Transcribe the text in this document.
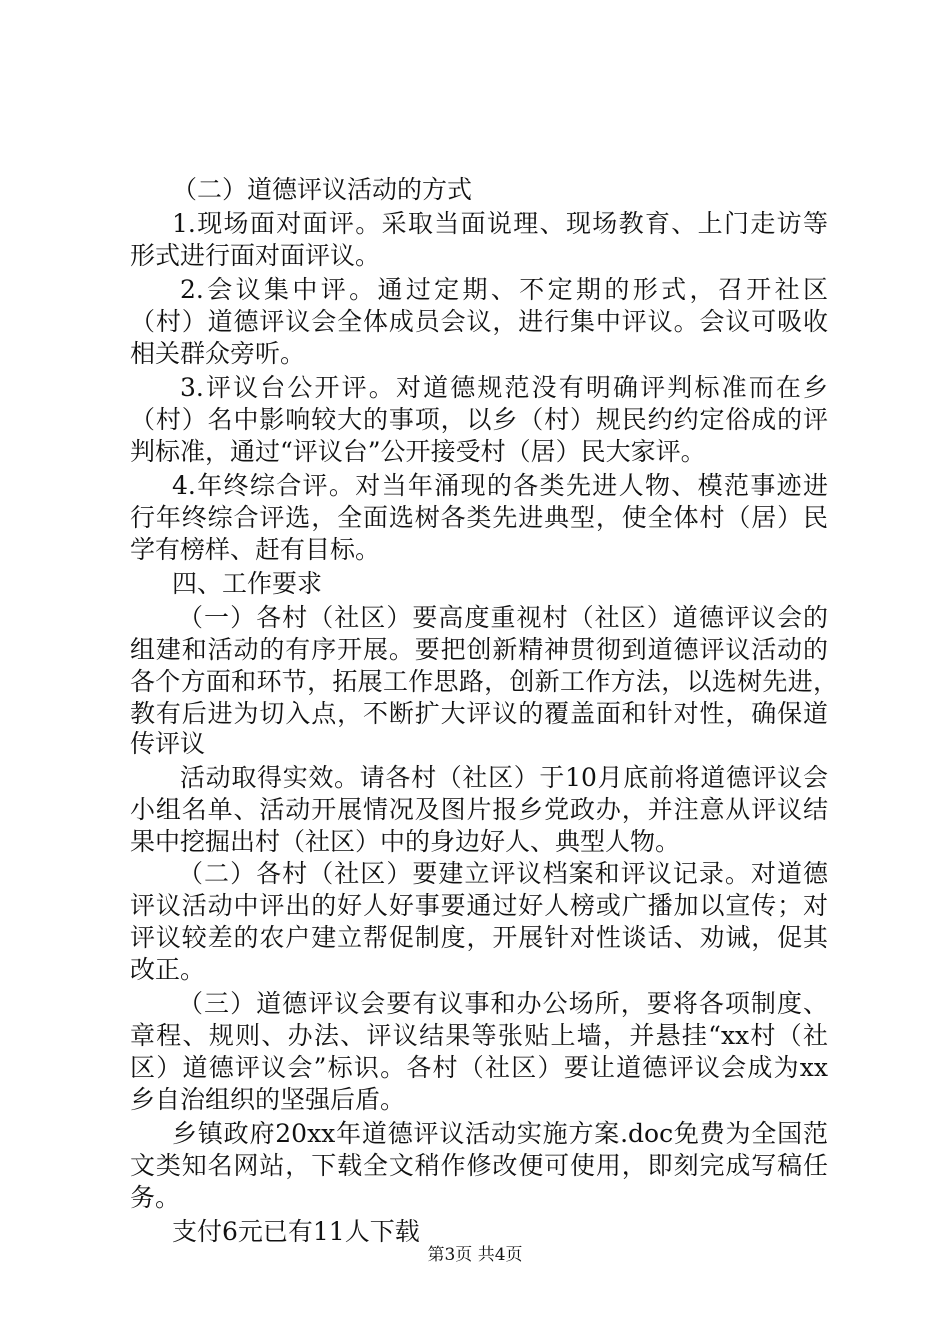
（二）道德评议活动的方式
1.现场面对面评。采取当面说理、现场教育、上门走访等
形式进行面对面评议。
2.会议集中评。通过定期、不定期的形式，召开社区
（村）道德评议会全体成员会议，进行集中评议。会议可吸收
相关群众旁听。
3.评议台公开评。对道德规范没有明确评判标准而在乡
（村）名中影响较大的事项，以乡（村）规民约约定俗成的评
判标准，通过“评议台”公开接受村（居）民大家评。
4.年终综合评。对当年涌现的各类先进人物、模范事迹进
行年终综合评选，全面选树各类先进典型，使全体村（居）民
学有榜样、赶有目标。
四、工作要求
（一）各村（社区）要高度重视村（社区）道德评议会的
组建和活动的有序开展。要把创新精神贯彻到道德评议活动的
各个方面和环节，拓展工作思路，创新工作方法，以选树先进，
教有后进为切入点，不断扩大评议的覆盖面和针对性，确保道
传评议
活动取得实效。请各村（社区）于10月底前将道德评议会
小组名单、活动开展情况及图片报乡党政办，并注意从评议结
果中挖掘出村（社区）中的身边好人、典型人物。
（二）各村（社区）要建立评议档案和评议记录。对道德
评议活动中评出的好人好事要通过好人榜或广播加以宣传；对
评议较差的农户建立帮促制度，开展针对性谈话、劝诫，促其
改正。
（三）道德评议会要有议事和办公场所，要将各项制度、
章程、规则、办法、评议结果等张贴上墙，并悬挂“xx村（社
区）道德评议会”标识。各村（社区）要让道德评议会成为xx
乡自治组织的坚强后盾。
乡镇政府20xx年道德评议活动实施方案.doc免费为全国范
文类知名网站，下载全文稍作修改便可使用，即刻完成写稿任
务。
支付6元已有11人下载
第3页 共4页
